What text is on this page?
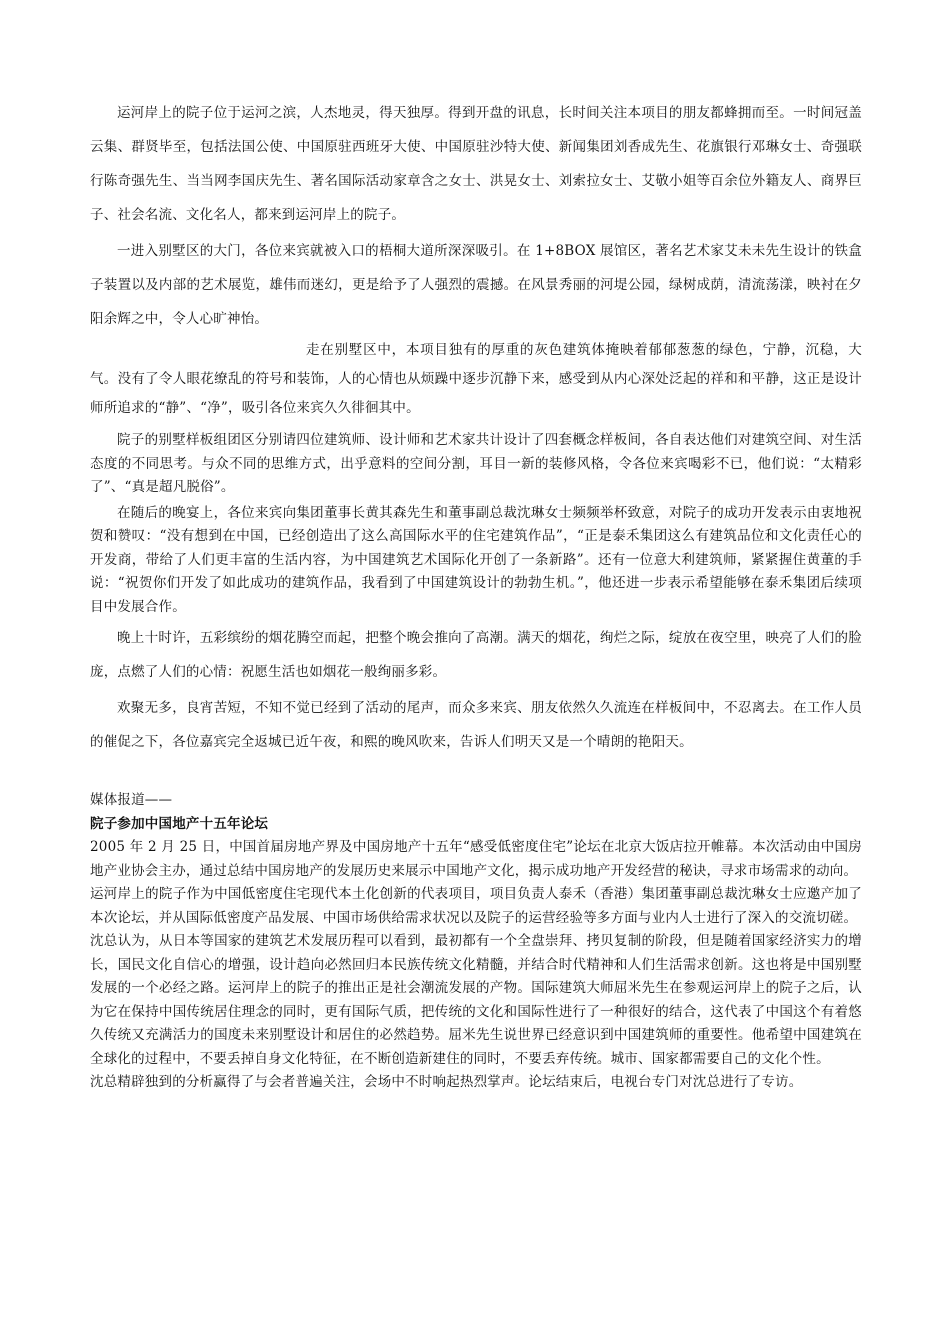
运河岸上的院子位于运河之滨，人杰地灵，得天独厚。得到开盘的讯息，长时间关注本项目的朋友都蜂拥而至。一时间冠盖云集、群贤毕至，包括法国公使、中国原驻西班牙大使、中国原驻沙特大使、新闻集团刘香成先生、花旗银行邓琳女士、奇强联行陈奇强先生、当当网李国庆先生、著名国际活动家章含之女士、洪晃女士、刘索拉女士、艾敬小姐等百余位外籍友人、商界巨子、社会名流、文化名人，都来到运河岸上的院子。

一进入别墅区的大门，各位来宾就被入口的梧桐大道所深深吸引。在 1+8BOX 展馆区，著名艺术家艾未未先生设计的铁盒子装置以及内部的艺术展览，雄伟而迷幻，更是给予了人强烈的震撼。在风景秀丽的河堤公园，绿树成荫，清流荡漾，映衬在夕阳余辉之中，令人心旷神怡。

走在别墅区中，本项目独有的厚重的灰色建筑体掩映着郁郁葱葱的绿色，宁静，沉稳，大气。没有了令人眼花缭乱的符号和装饰，人的心情也从烦躁中逐步沉静下来，感受到从内心深处泛起的祥和和平静，这正是设计师所追求的“静”、“净”，吸引各位来宾久久徘徊其中。

院子的别墅样板组团区分别请四位建筑师、设计师和艺术家共计设计了四套概念样板间，各自表达他们对建筑空间、对生活态度的不同思考。与众不同的思维方式，出乎意料的空间分割，耳目一新的装修风格，令各位来宾喝彩不已，他们说：“太精彩了”、“真是超凡脱俗”。

在随后的晚宴上，各位来宾向集团董事长黄其森先生和董事副总裁沈琳女士频频举杯致意，对院子的成功开发表示由衷地祝贺和赞叹：“没有想到在中国，已经创造出了这么高国际水平的住宅建筑作品”，“正是泰禾集团这么有建筑品位和文化责任心的开发商，带给了人们更丰富的生活内容，为中国建筑艺术国际化开创了一条新路”。还有一位意大利建筑师，紧紧握住黄董的手说：“祝贺你们开发了如此成功的建筑作品，我看到了中国建筑设计的勃勃生机。”，他还进一步表示希望能够在泰禾集团后续项目中发展合作。

晚上十时许，五彩缤纷的烟花腾空而起，把整个晚会推向了高潮。满天的烟花，绚烂之际，绽放在夜空里，映亮了人们的脸庞，点燃了人们的心情：祝愿生活也如烟花一般绚丽多彩。

欢聚无多，良宵苦短，不知不觉已经到了活动的尾声，而众多来宾、朋友依然久久流连在样板间中，不忍离去。在工作人员的催促之下，各位嘉宾完全返城已近午夜，和熙的晚风吹来，告诉人们明天又是一个晴朗的艳阳天。

媒体报道——

院子参加中国地产十五年论坛

2005 年 2 月 25 日，中国首届房地产界及中国房地产十五年“感受低密度住宅”论坛在北京大饭店拉开帷幕。本次活动由中国房地产业协会主办，通过总结中国房地产的发展历史来展示中国地产文化，揭示成功地产开发经营的秘诀，寻求市场需求的动向。

运河岸上的院子作为中国低密度住宅现代本土化创新的代表项目，项目负责人泰禾（香港）集团董事副总裁沈琳女士应邀产加了本次论坛，并从国际低密度产品发展、中国市场供给需求状况以及院子的运营经验等多方面与业内人士进行了深入的交流切磋。

沈总认为，从日本等国家的建筑艺术发展历程可以看到，最初都有一个全盘崇拜、拷贝复制的阶段，但是随着国家经济实力的增长，国民文化自信心的增强，设计趋向必然回归本民族传统文化精髓，并结合时代精神和人们生活需求创新。这也将是中国别墅发展的一个必经之路。运河岸上的院子的推出正是社会潮流发展的产物。国际建筑大师屈米先生在参观运河岸上的院子之后，认为它在保持中国传统居住理念的同时，更有国际气质，把传统的文化和国际性进行了一种很好的结合，这代表了中国这个有着悠久传统又充满活力的国度未来别墅设计和居住的必然趋势。屈米先生说世界已经意识到中国建筑师的重要性。他希望中国建筑在全球化的过程中，不要丢掉自身文化特征，在不断创造新建住的同时，不要丢弃传统。城市、国家都需要自己的文化个性。

沈总精辟独到的分析赢得了与会者普遍关注，会场中不时响起热烈掌声。论坛结束后，电视台专门对沈总进行了专访。
